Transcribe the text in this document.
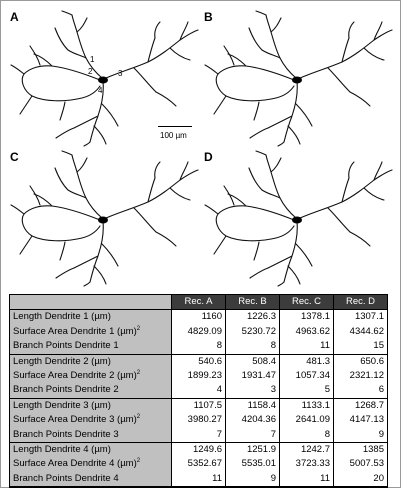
A
1
2	3
4
100 µm
B
C	D
	Rec. A	Rec. B	Rec. C	Rec. D
Length Dendrite 1 (µm)	1160	1226.3	1378.1	1307.1
Surface Area Dendrite 1 $(\mu m)^2$	4829.09	5230.72	4963.62	4344.62
Branch Points Dendrite 1	8	8	11	15
Length Dendrite 2 (µm)	540.6	508.4	481.3	650.6
Surface Area Dendrite 2 $(\mu m)^2$	1899.23	1931.47	1057.34	2321.12
Branch Points Dendrite 2	4	3	5	6
Length Dendrite 3 (µm)	1107.5	1158.4	1133.1	1268.7
Surface Area Dendrite 3 $(\mu m)^2$	3980.27	4204.36	2641.09	4147.13
Branch Points Dendrite 3	7	7	8	9
Length Dendrite 4 (µm)	1249.6	1251.9	1242.7	1385
Surface Area Dendrite 4 $(\mu m)^2$	5352.67	5535.01	3723.33	5007.53
Branch Points Dendrite 4	11	9	11	20
